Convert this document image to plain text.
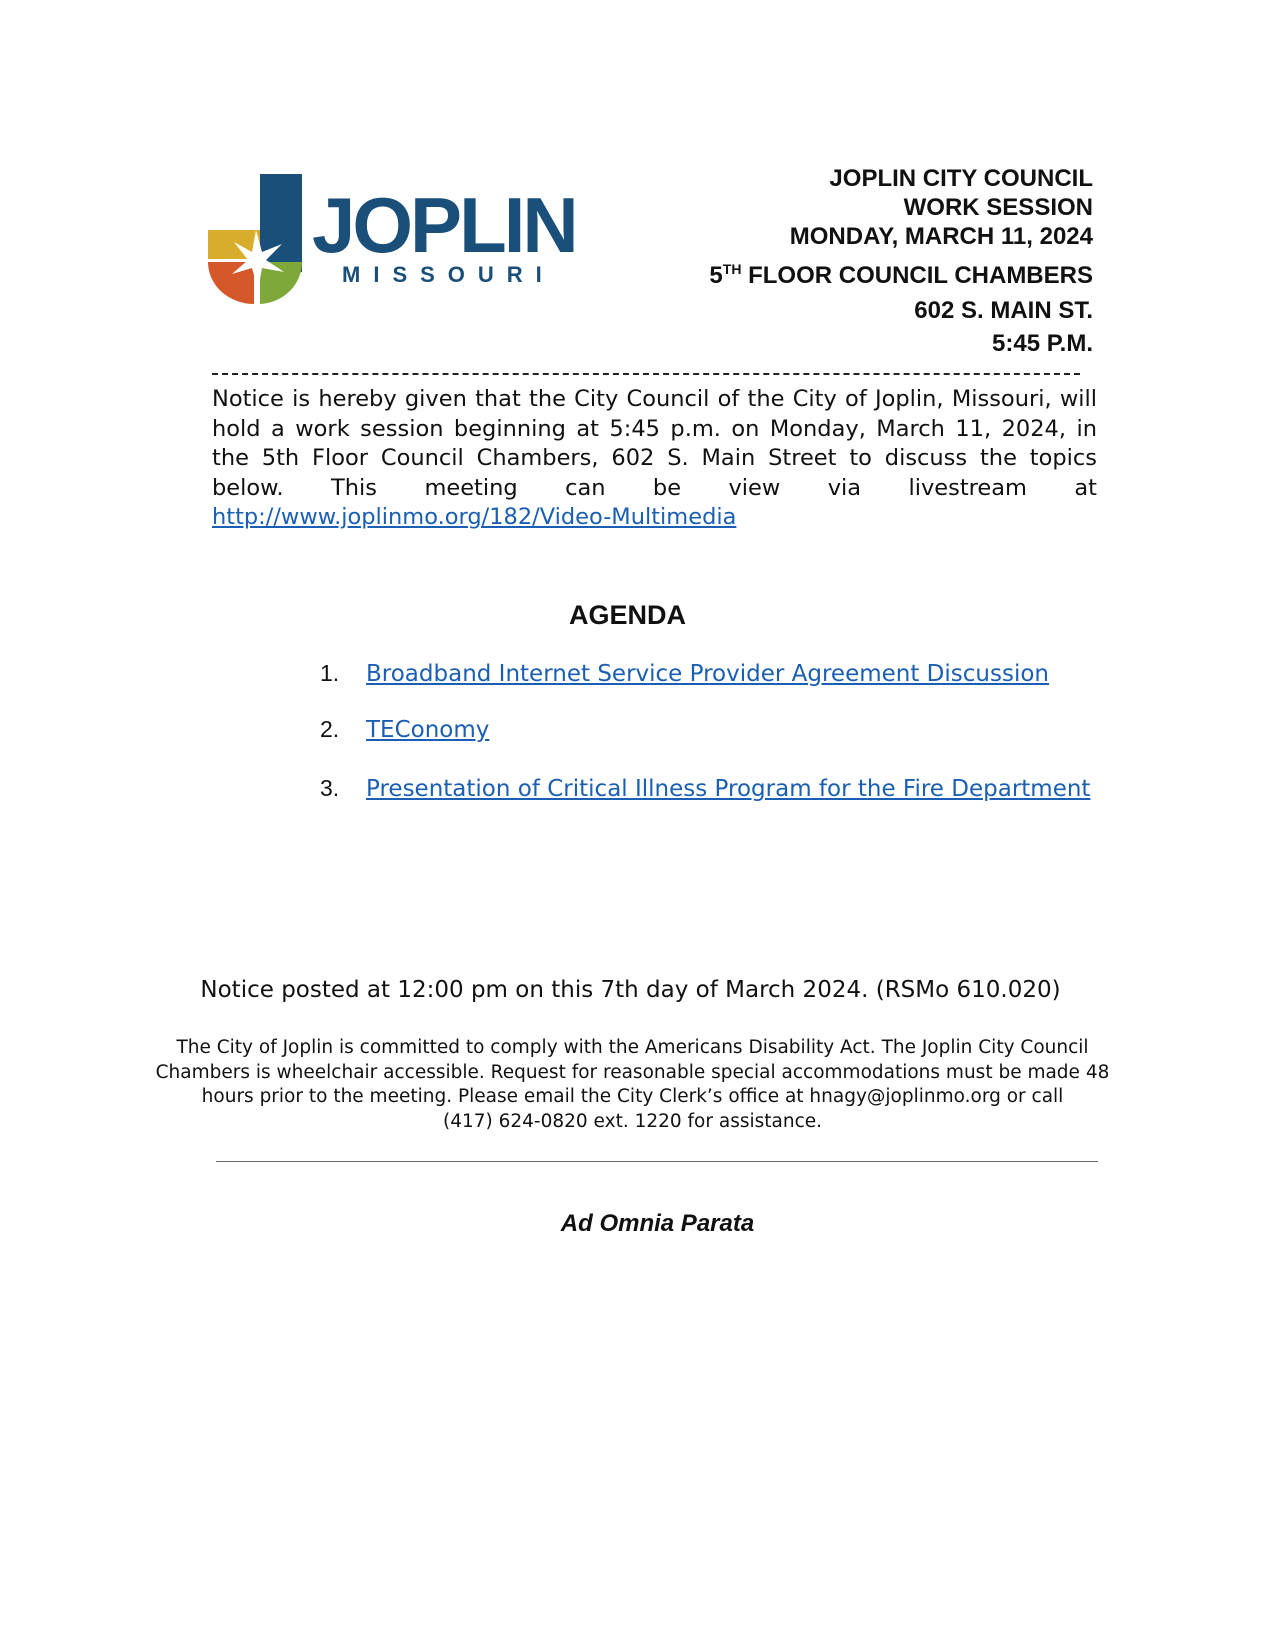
JOPLIN
MISSOURI
JOPLIN CITY COUNCIL
WORK SESSION
MONDAY, MARCH 11, 2024
5TH FLOOR COUNCIL CHAMBERS
602 S. MAIN ST.
5:45 P.M.
Notice is hereby given that the City Council of the City of Joplin, Missouri, will hold a work session beginning at 5:45 p.m. on Monday, March 11, 2024, in the 5th Floor Council Chambers, 602 S. Main Street to discuss the topics below. This meeting can be view via livestream at http://www.joplinmo.org/182/Video-Multimedia
AGENDA
1. Broadband Internet Service Provider Agreement Discussion
2. TEConomy
3. Presentation of Critical Illness Program for the Fire Department
Notice posted at 12:00 pm on this 7th day of March 2024. (RSMo 610.020)
The City of Joplin is committed to comply with the Americans Disability Act. The Joplin City Council
Chambers is wheelchair accessible. Request for reasonable special accommodations must be made 48
hours prior to the meeting. Please email the City Clerk’s office at hnagy@joplinmo.org or call
(417) 624-0820 ext. 1220 for assistance.
Ad Omnia Parata
